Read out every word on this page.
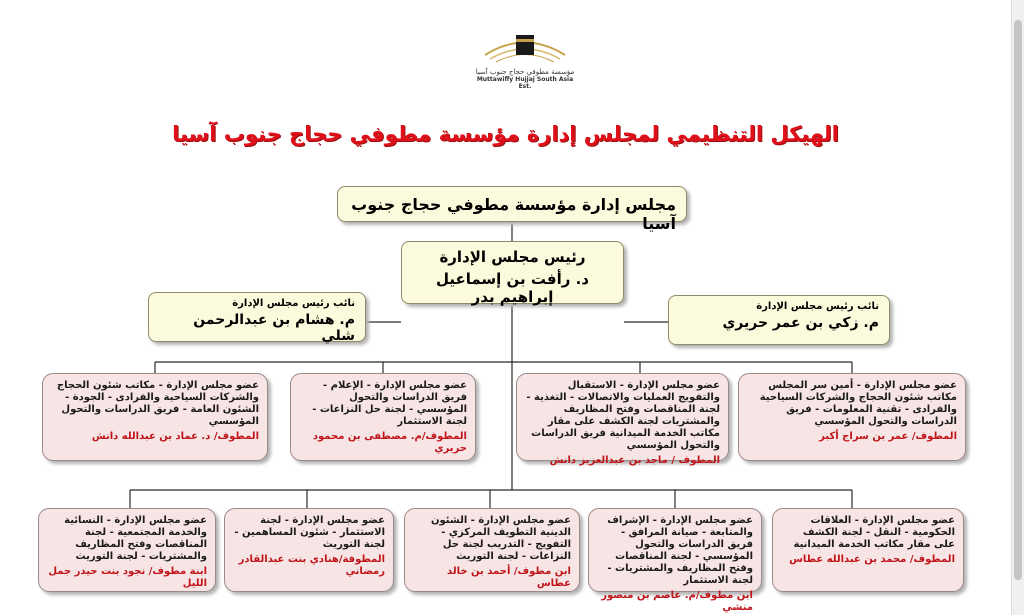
مؤسسة مطوفي حجاج جنوب آسيا
Muttawiffy Hujjaj South Asia Est.
الهيكل التنظيمي لمجلس إدارة مؤسسة مطوفي حجاج جنوب آسيا
مجلس إدارة مؤسسة مطوفي حجاج جنوب آسيا
رئيس مجلس الإدارة
د. رأفت بن إسماعيل إبراهيم بدر
نائب رئيس مجلس الإدارة
م. هشام بن عبدالرحمن شلي
نائب رئيس مجلس الإدارة
م. زكي بن عمر حريري
عضو مجلس الإدارة - أمين سر المجلس مكاتب شئون الحجاج والشركات السياحية والفرادى - تقنية المعلومات - فريق الدراسات والتحول المؤسسي
المطوف/ عمر بن سراج أكبر
عضو مجلس الإدارة - الاستقبال والتفويج العمليات والاتصالات - التغذية - لجنة المناقصات وفتح المظاريف والمشتريات لجنة الكشف على مقار مكاتب الخدمة الميدانية فريق الدراسات والتحول المؤسسي
المطوف / ماجد بن عبدالعزيز دانش
عضو مجلس الإدارة - الإعلام - فريق الدراسات والتحول المؤسسي - لجنة حل النزاعات - لجنة الاستثمار
المطوف/م. مصطفى بن محمود حريري
عضو مجلس الإدارة - مكاتب شئون الحجاج والشركات السياحية والفرادى - الجودة - الشئون العامة - فريق الدراسات والتحول المؤسسي
المطوف/ د. عماد بن عبدالله دانش
عضو مجلس الإدارة - العلاقات الحكومية - النقل - لجنة الكشف على مقار مكاتب الخدمة الميدانية
المطوف/ محمد بن عبدالله عطاس
عضو مجلس الإدارة - الإشراف والمتابعة - صيانة المرافق - فريق الدراسات والتحول المؤسسي - لجنة المناقصات وفتح المظاريف والمشتريات - لجنة الاستثمار
ابن مطوف/م. عاصم بن منصور منشي
عضو مجلس الإدارة - الشئون الدينية التطويف المركزي - التفويج - التدريب لجنة حل النزاعات - لجنة التوريث
ابن مطوف/ أحمد بن خالد عطاس
عضو مجلس الإدارة - لجنة الاستثمار - شئون المساهمين - لجنة التوريث
المطوفة/هنادي بنت عبدالقادر رمضاني
عضو مجلس الإدارة - النسائية والخدمة المجتمعية - لجنة المناقصات وفتح المظاريف والمشتريات - لجنة التوريث
ابنة مطوف/ نجود بنت حيدر جمل الليل
